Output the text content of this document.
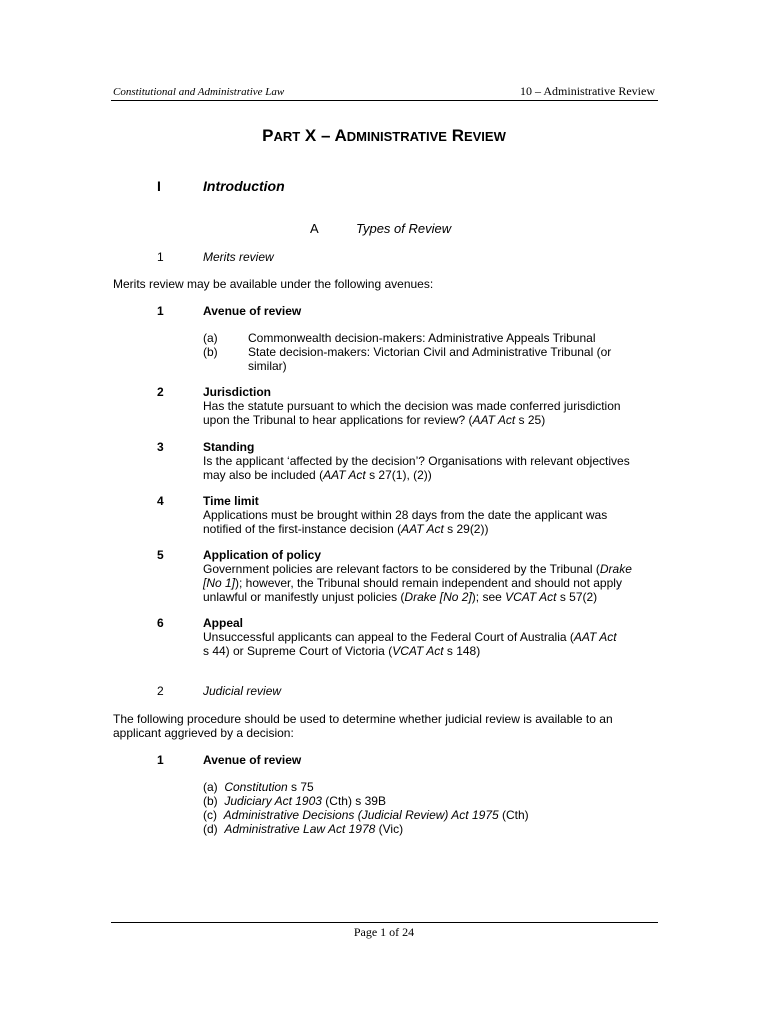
Constitutional and Administrative Law	10 – Administrative Review
PART X – ADMINISTRATIVE REVIEW
I	Introduction
A	Types of Review
1	Merits review
Merits review may be available under the following avenues:
1	Avenue of review
(a)	Commonwealth decision-makers: Administrative Appeals Tribunal
(b)	State decision-makers: Victorian Civil and Administrative Tribunal (or
similar)
2	Jurisdiction
Has the statute pursuant to which the decision was made conferred jurisdiction
upon the Tribunal to hear applications for review? (AAT Act s 25)
3	Standing
Is the applicant ‘affected by the decision’? Organisations with relevant objectives
may also be included (AAT Act s 27(1), (2))
4	Time limit
Applications must be brought within 28 days from the date the applicant was
notified of the first-instance decision (AAT Act s 29(2))
5	Application of policy
Government policies are relevant factors to be considered by the Tribunal (Drake
[No 1]); however, the Tribunal should remain independent and should not apply
unlawful or manifestly unjust policies (Drake [No 2]); see VCAT Act s 57(2)
6	Appeal
Unsuccessful applicants can appeal to the Federal Court of Australia (AAT Act
s 44) or Supreme Court of Victoria (VCAT Act s 148)
2	Judicial review
The following procedure should be used to determine whether judicial review is available to an
applicant aggrieved by a decision:
1	Avenue of review
(a) Constitution s 75
(b) Judiciary Act 1903 (Cth) s 39B
(c) Administrative Decisions (Judicial Review) Act 1975 (Cth)
(d) Administrative Law Act 1978 (Vic)
Page 1 of 24
